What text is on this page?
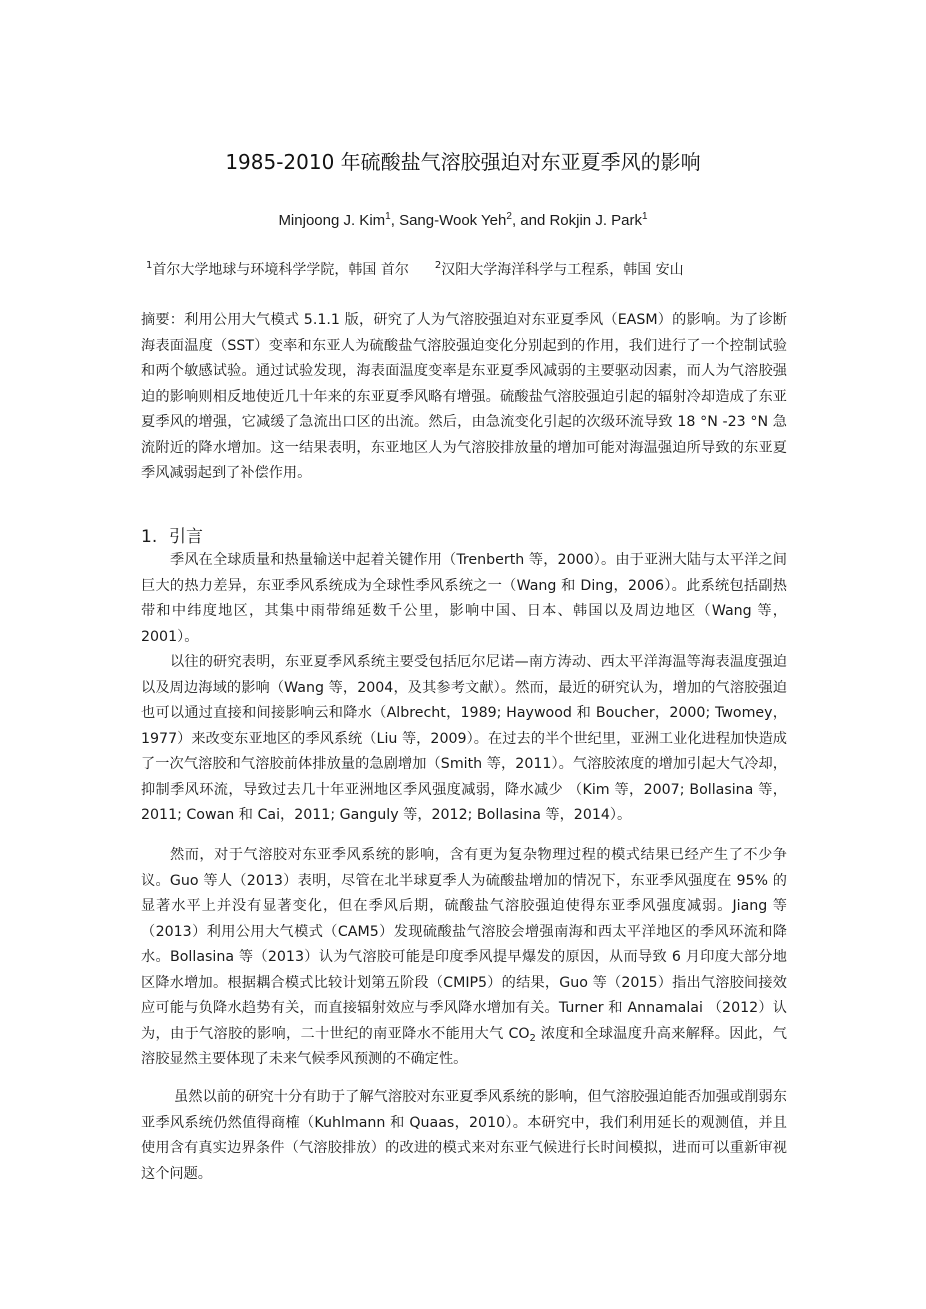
1985-2010 年硫酸盐气溶胶强迫对东亚夏季风的影响
Minjoong J. Kim$^1$, Sang-Wook Yeh$^2$, and Rokjin J. Park$^1$
$^1$首尔大学地球与环境科学学院，韩国 首尔	$^2$汉阳大学海洋科学与工程系，韩国 安山

摘要：利用公用大气模式 5.1.1 版，研究了人为气溶胶强迫对东亚夏季风（EASM）的影响。为了诊断海表面温度（SST）变率和东亚人为硫酸盐气溶胶强迫变化分别起到的作用，我们进行了一个控制试验和两个敏感试验。通过试验发现，海表面温度变率是东亚夏季风减弱的主要驱动因素，而人为气溶胶强迫的影响则相反地使近几十年来的东亚夏季风略有增强。硫酸盐气溶胶强迫引起的辐射冷却造成了东亚夏季风的增强，它减缓了急流出口区的出流。然后，由急流变化引起的次级环流导致 18 °N -23 °N 急流附近的降水增加。这一结果表明，东亚地区人为气溶胶排放量的增加可能对海温强迫所导致的东亚夏季风减弱起到了补偿作用。

1. 引言

季风在全球质量和热量输送中起着关键作用（Trenberth 等，2000）。由于亚洲大陆与太平洋之间巨大的热力差异，东亚季风系统成为全球性季风系统之一（Wang 和 Ding，2006）。此系统包括副热带和中纬度地区，其集中雨带绵延数千公里，影响中国、日本、韩国以及周边地区（Wang 等，2001）。

以往的研究表明，东亚夏季风系统主要受包括厄尔尼诺—南方涛动、西太平洋海温等海表温度强迫以及周边海域的影响（Wang 等，2004，及其参考文献）。然而，最近的研究认为，增加的气溶胶强迫也可以通过直接和间接影响云和降水（Albrecht，1989; Haywood 和 Boucher，2000; Twomey，1977）来改变东亚地区的季风系统（Liu 等，2009）。在过去的半个世纪里，亚洲工业化进程加快造成了一次气溶胶和气溶胶前体排放量的急剧增加（Smith 等，2011）。气溶胶浓度的增加引起大气冷却，抑制季风环流，导致过去几十年亚洲地区季风强度减弱，降水减少 （Kim 等，2007; Bollasina 等，2011; Cowan 和 Cai，2011; Ganguly 等，2012; Bollasina 等，2014）。

然而，对于气溶胶对东亚季风系统的影响，含有更为复杂物理过程的模式结果已经产生了不少争议。Guo 等人（2013）表明，尽管在北半球夏季人为硫酸盐增加的情况下，东亚季风强度在 95% 的显著水平上并没有显著变化，但在季风后期，硫酸盐气溶胶强迫使得东亚季风强度减弱。Jiang 等（2013）利用公用大气模式（CAM5）发现硫酸盐气溶胶会增强南海和西太平洋地区的季风环流和降水。Bollasina 等（2013）认为气溶胶可能是印度季风提早爆发的原因，从而导致 6 月印度大部分地区降水增加。根据耦合模式比较计划第五阶段（CMIP5）的结果，Guo 等（2015）指出气溶胶间接效应可能与负降水趋势有关，而直接辐射效应与季风降水增加有关。Turner 和 Annamalai （2012）认为，由于气溶胶的影响，二十世纪的南亚降水不能用大气 $CO_2$ 浓度和全球温度升高来解释。因此，气溶胶显然主要体现了未来气候季风预测的不确定性。

虽然以前的研究十分有助于了解气溶胶对东亚夏季风系统的影响，但气溶胶强迫能否加强或削弱东亚季风系统仍然值得商榷（Kuhlmann 和 Quaas，2010）。本研究中，我们利用延长的观测值，并且使用含有真实边界条件（气溶胶排放）的改进的模式来对东亚气候进行长时间模拟，进而可以重新审视这个问题。
